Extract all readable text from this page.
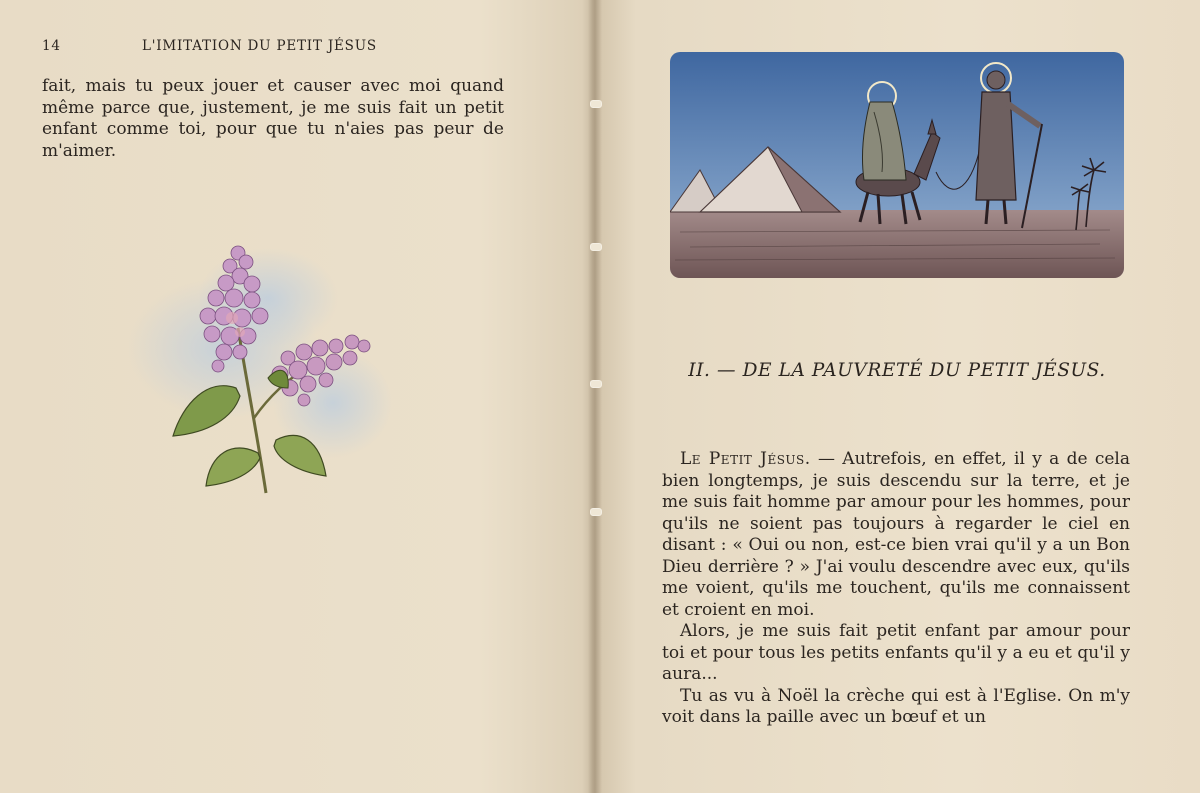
14	L'IMITATION DU PETIT JÉSUS

fait, mais tu peux jouer et causer avec moi quand même parce que, justement, je me suis fait un petit enfant comme toi, pour que tu n'aies pas peur de m'aimer.

II. — DE LA PAUVRETÉ DU PETIT JÉSUS.

Le Petit Jésus. — Autrefois, en effet, il y a de cela bien longtemps, je suis descendu sur la terre, et je me suis fait homme par amour pour les hommes, pour qu'ils ne soient pas toujours à regarder le ciel en disant : « Oui ou non, est-ce bien vrai qu'il y a un Bon Dieu derrière ? » J'ai voulu descendre avec eux, qu'ils me voient, qu'ils me touchent, qu'ils me connaissent et croient en moi.

Alors, je me suis fait petit enfant par amour pour toi et pour tous les petits enfants qu'il y a eu et qu'il y aura...

Tu as vu à Noël la crèche qui est à l'Eglise. On m'y voit dans la paille avec un bœuf et un
